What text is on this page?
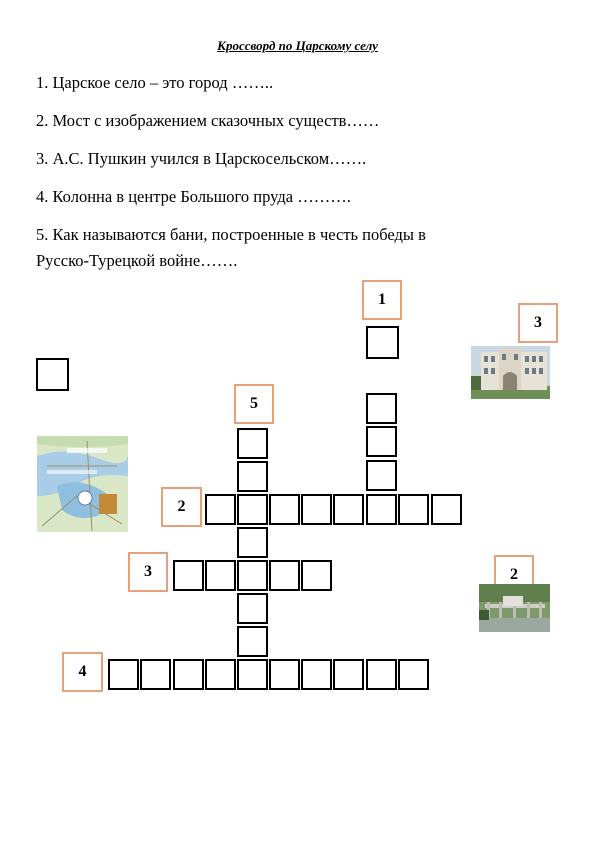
Кроссворд по Царскому селу
1. Царское село – это город ……..
2. Мост с изображением сказочных существ……
3. А.С. Пушкин учился в Царскосельском…….
4. Колонна в центре Большого пруда ……….
5. Как называются бани, построенные в честь победы в
Русско-Турецкой войне…….
1
3
5
2
3	2
4
